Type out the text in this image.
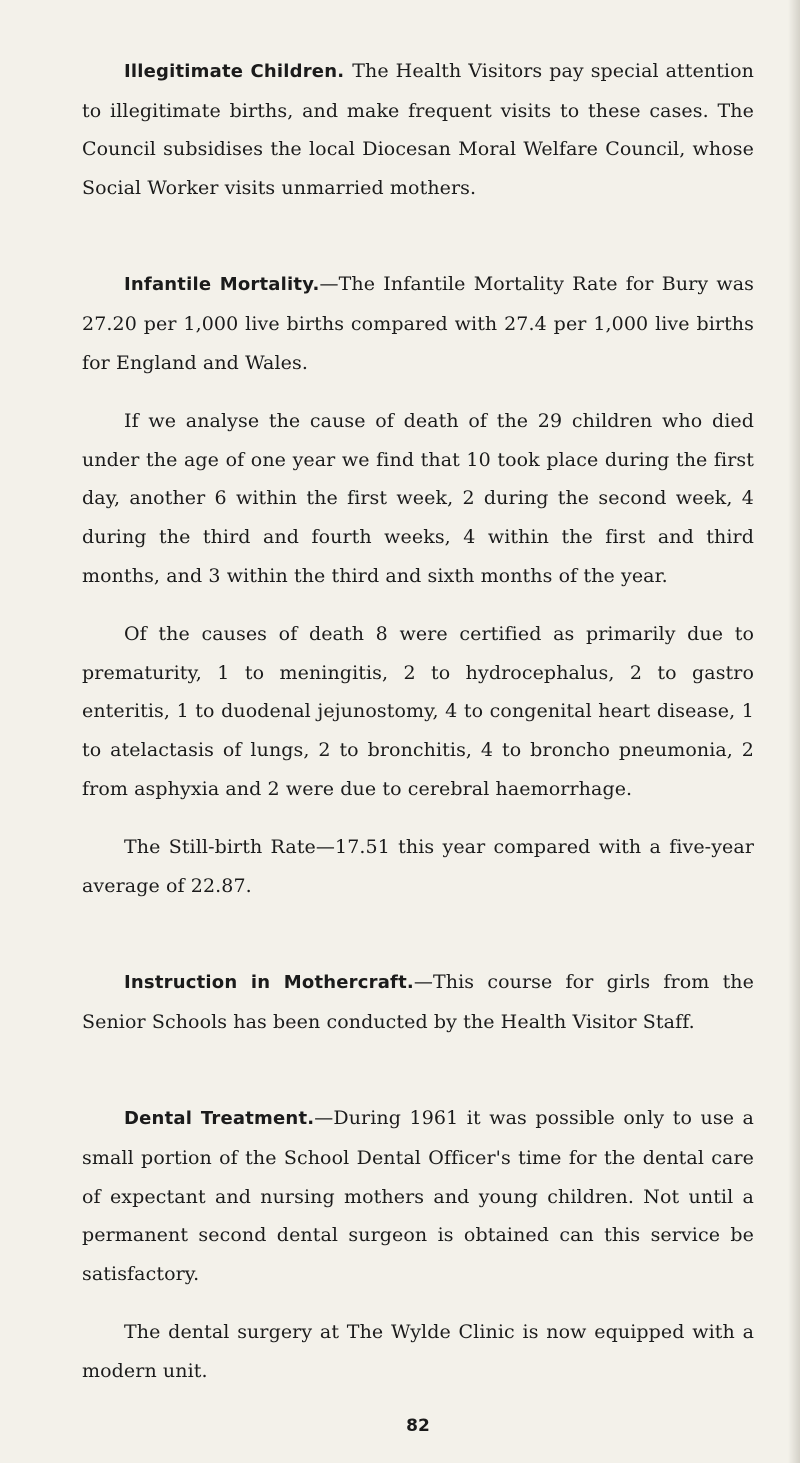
Illegitimate Children. The Health Visitors pay special attention to illegitimate births, and make frequent visits to these cases. The Council subsidises the local Diocesan Moral Welfare Council, whose Social Worker visits unmarried mothers.

Infantile Mortality.—The Infantile Mortality Rate for Bury was 27.20 per 1,000 live births compared with 27.4 per 1,000 live births for England and Wales.

If we analyse the cause of death of the 29 children who died under the age of one year we find that 10 took place during the first day, another 6 within the first week, 2 during the second week, 4 during the third and fourth weeks, 4 within the first and third months, and 3 within the third and sixth months of the year.

Of the causes of death 8 were certified as primarily due to prematurity, 1 to meningitis, 2 to hydrocephalus, 2 to gastro enteritis, 1 to duodenal jejunostomy, 4 to congenital heart disease, 1 to atelactasis of lungs, 2 to bronchitis, 4 to broncho pneumonia, 2 from asphyxia and 2 were due to cerebral haemorrhage.

The Still-birth Rate—17.51 this year compared with a five-year average of 22.87.

Instruction in Mothercraft.—This course for girls from the Senior Schools has been conducted by the Health Visitor Staff.

Dental Treatment.—During 1961 it was possible only to use a small portion of the School Dental Officer's time for the dental care of expectant and nursing mothers and young children. Not until a permanent second dental surgeon is obtained can this service be satisfactory.

The dental surgery at The Wylde Clinic is now equipped with a modern unit.

82
